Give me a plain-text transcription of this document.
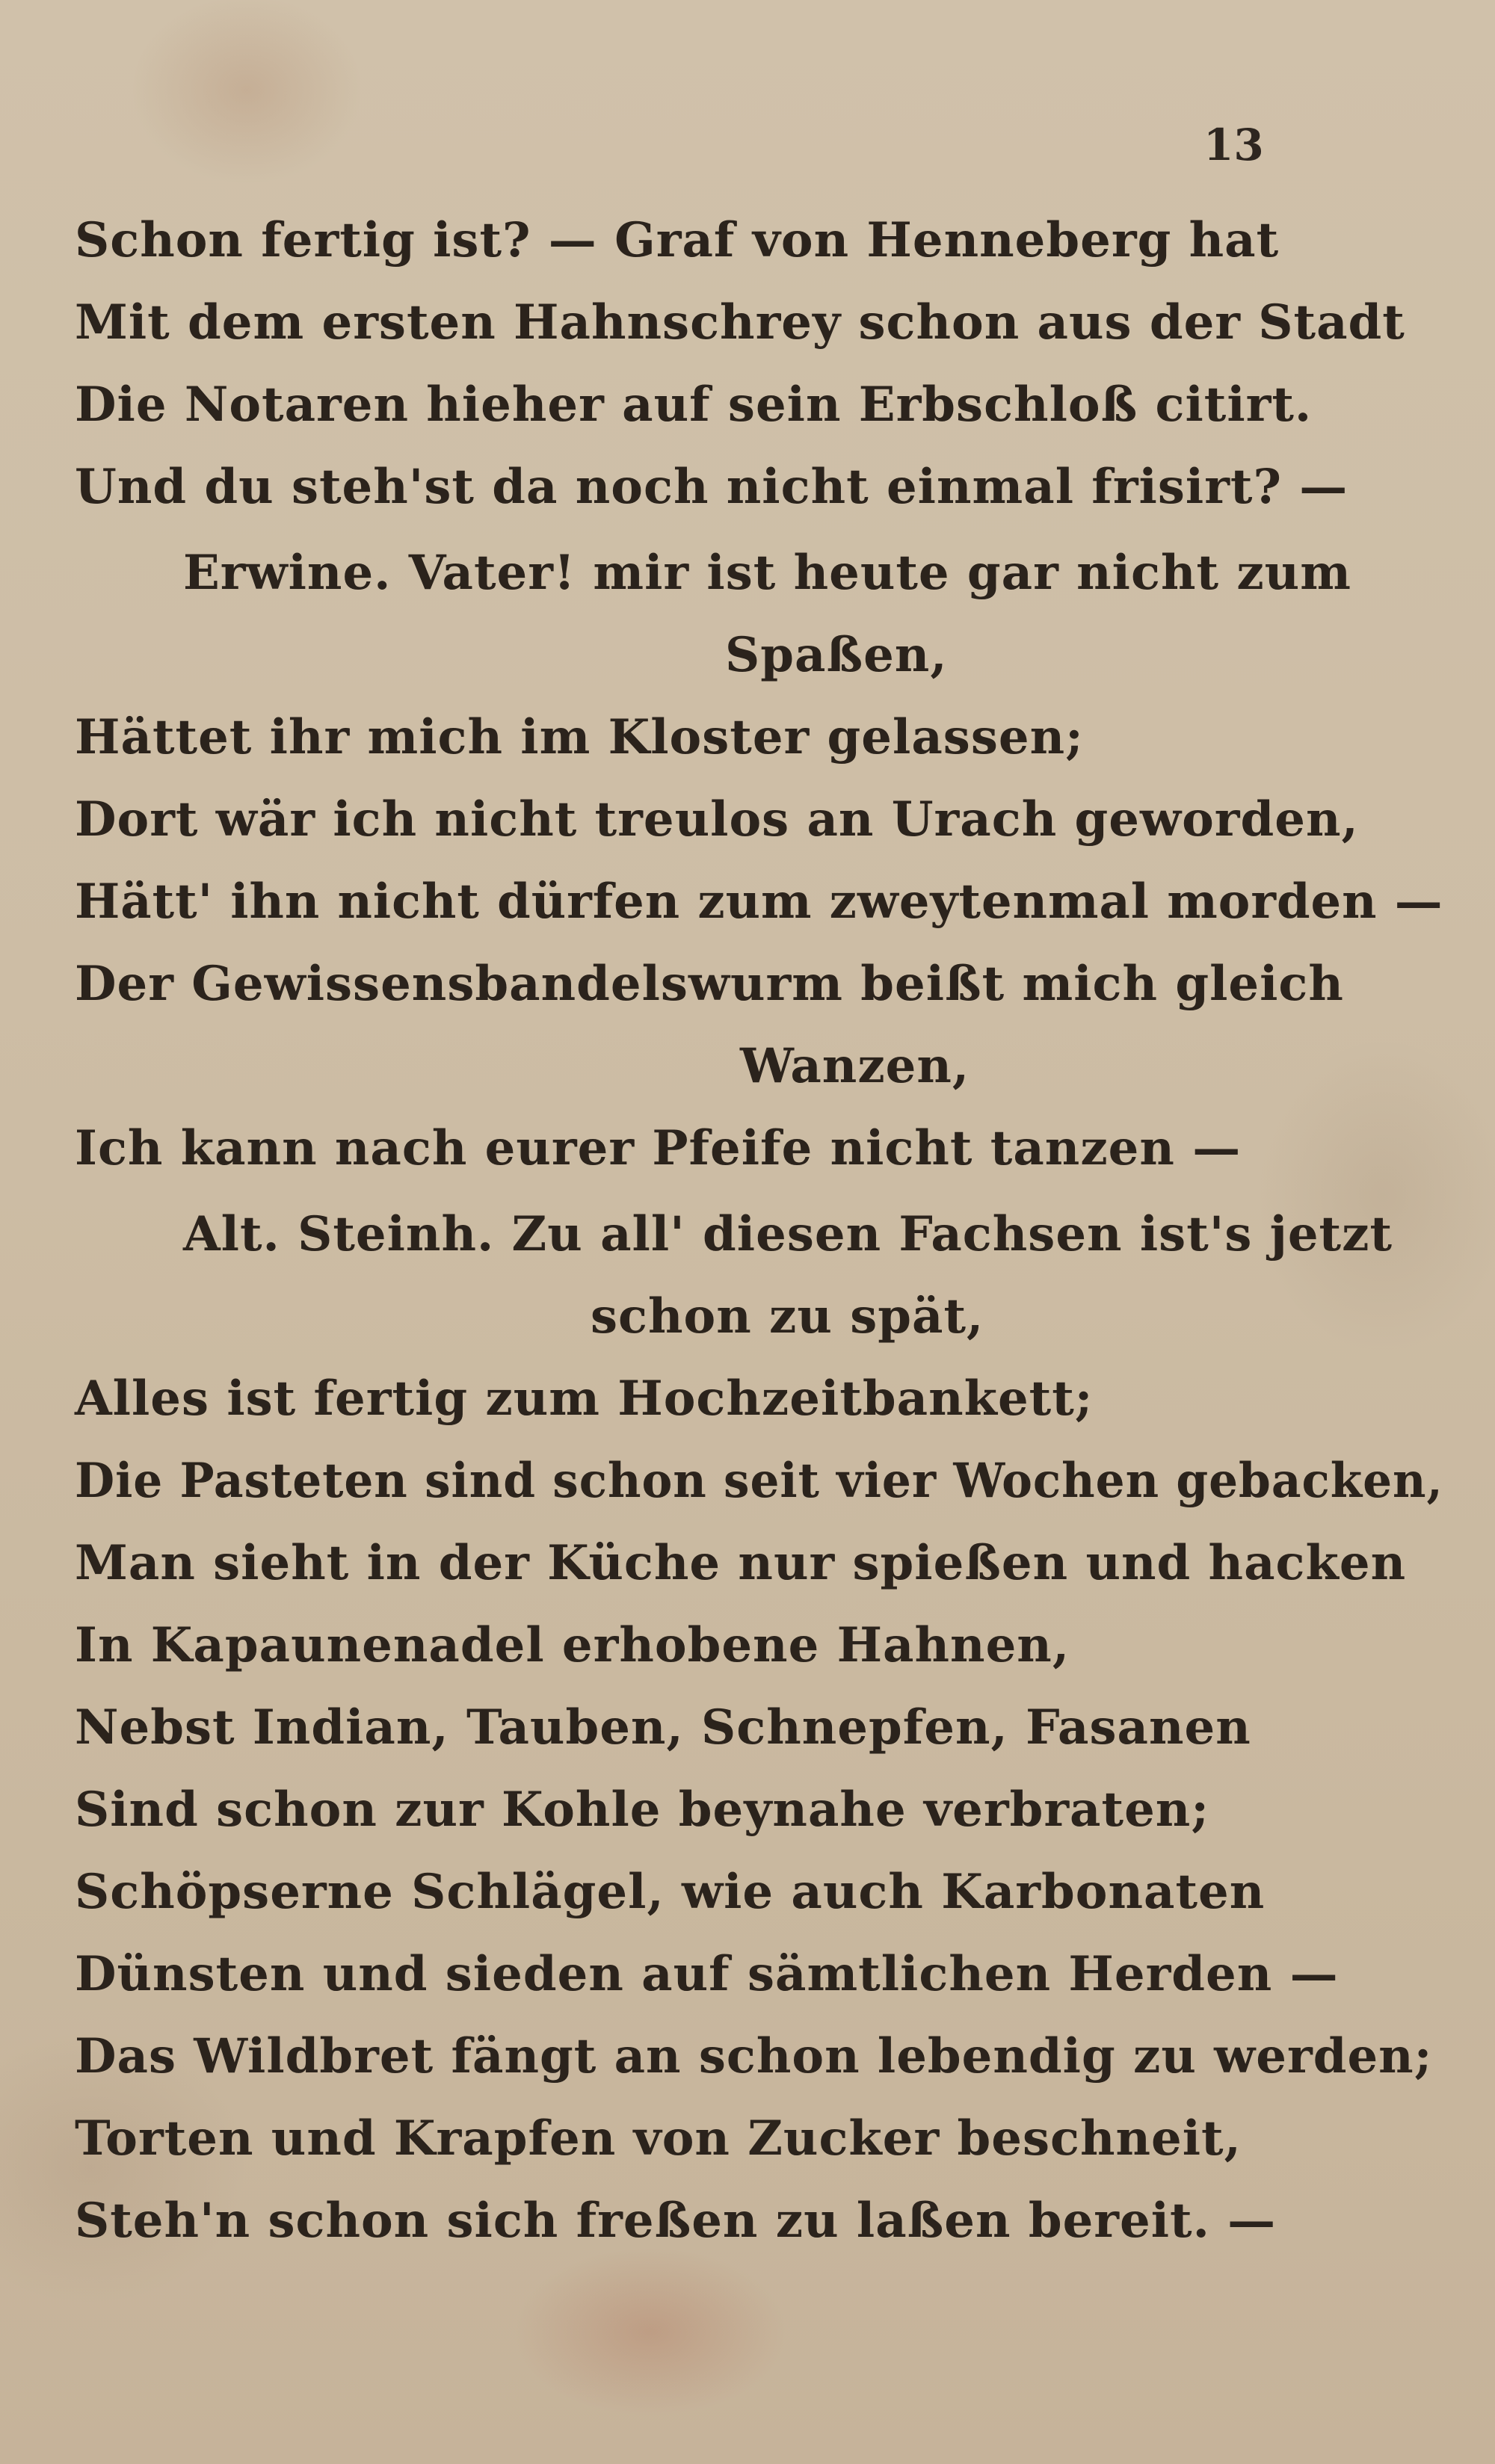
13
Schon fertig ist? — Graf von Henneberg hat
Mit dem ersten Hahnschrey schon aus der Stadt
Die Notaren hieher auf sein Erbschloß citirt.
Und du steh'st da noch nicht einmal frisirt? —
Erwine. Vater! mir ist heute gar nicht zum
Spaßen,
Hättet ihr mich im Kloster gelassen;
Dort wär ich nicht treulos an Urach geworden,
Hätt' ihn nicht dürfen zum zweytenmal morden —
Der Gewissensbandelswurm beißt mich gleich
Wanzen,
Ich kann nach eurer Pfeife nicht tanzen —
Alt. Steinh. Zu all' diesen Fachsen ist's jetzt
schon zu spät,
Alles ist fertig zum Hochzeitbankett;
Die Pasteten sind schon seit vier Wochen gebacken,
Man sieht in der Küche nur spießen und hacken
In Kapaunenadel erhobene Hahnen,
Nebst Indian, Tauben, Schnepfen, Fasanen
Sind schon zur Kohle beynahe verbraten;
Schöpserne Schlägel, wie auch Karbonaten
Dünsten und sieden auf sämtlichen Herden —
Das Wildbret fängt an schon lebendig zu werden;
Torten und Krapfen von Zucker beschneit,
Steh'n schon sich freßen zu laßen bereit. —
